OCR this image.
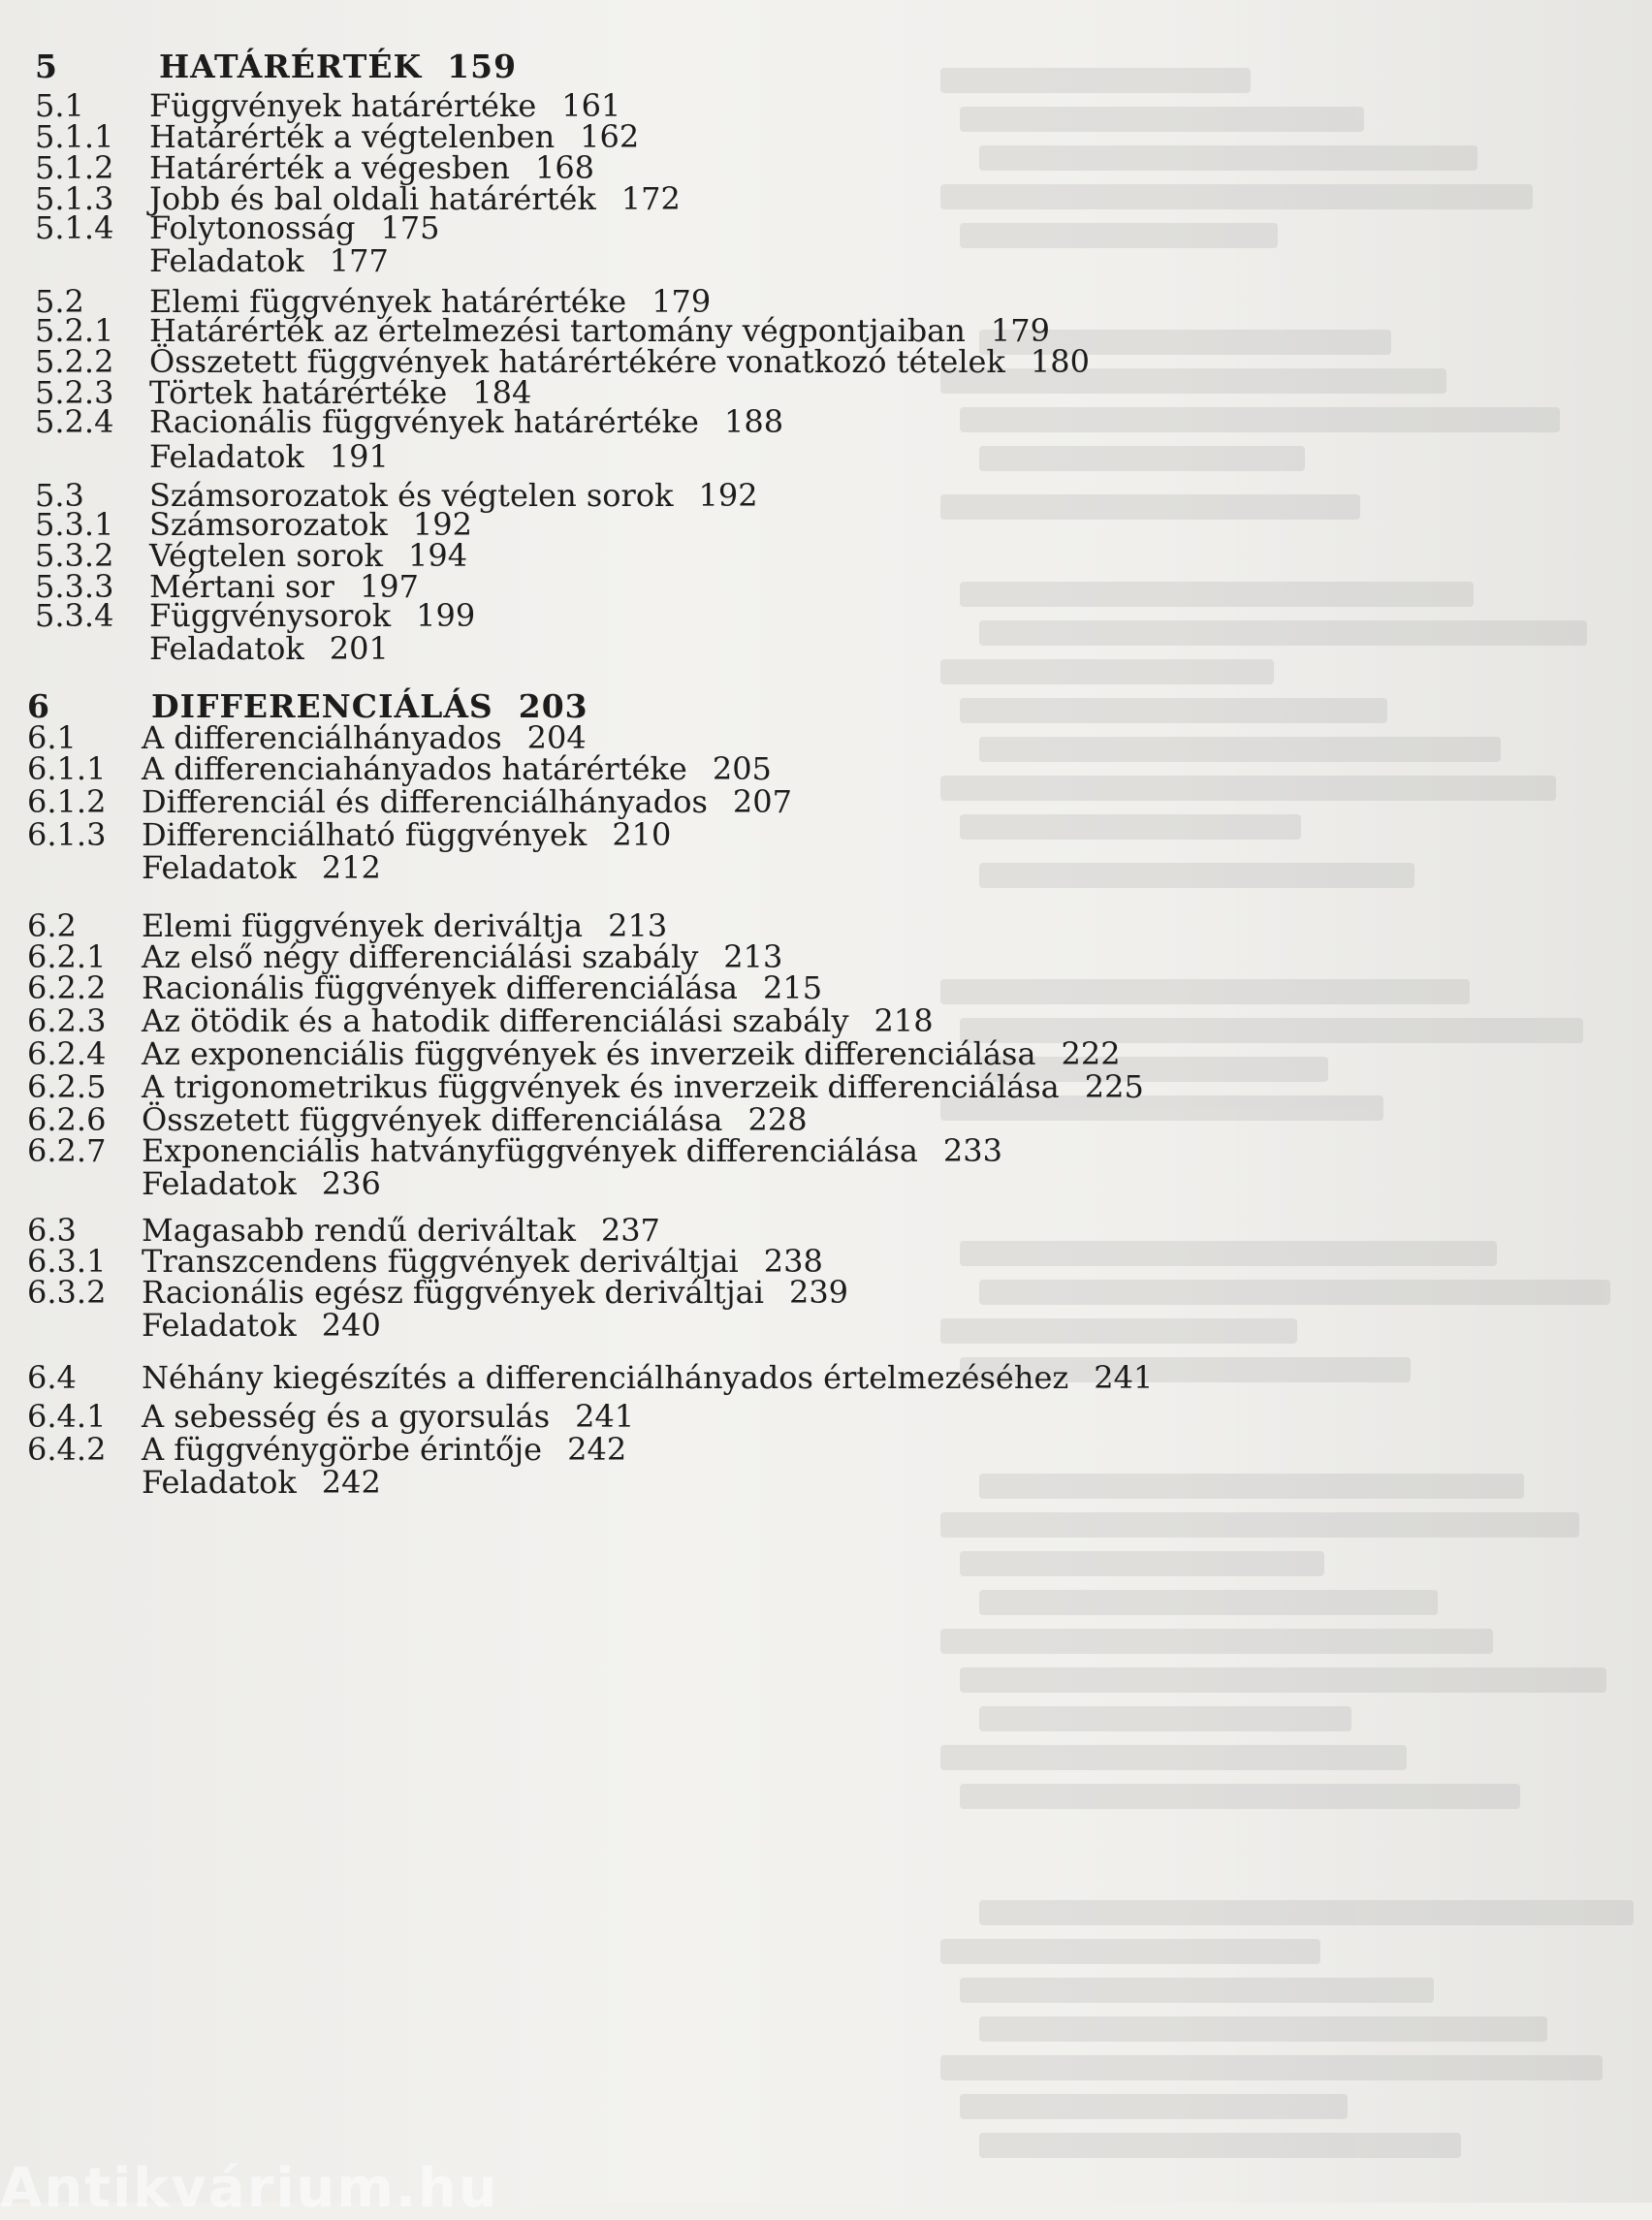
5	HATÁRÉRTÉK 159
5.1	Függvények határértéke 161
5.1.1	Határérték a végtelenben 162
5.1.2	Határérték a végesben 168
5.1.3	Jobb és bal oldali határérték 172
5.1.4	Folytonosság 175
Feladatok 177
5.2	Elemi függvények határértéke 179
5.2.1	Határérték az értelmezési tartomány végpontjaiban 179
5.2.2	Összetett függvények határértékére vonatkozó tételek 180
5.2.3	Törtek határértéke 184
5.2.4	Racionális függvények határértéke 188
Feladatok 191
5.3	Számsorozatok és végtelen sorok 192
5.3.1	Számsorozatok 192
5.3.2	Végtelen sorok 194
5.3.3	Mértani sor 197
5.3.4	Függvénysorok 199
Feladatok 201
6	DIFFERENCIÁLÁS 203
6.1	A differenciálhányados 204
6.1.1	A differenciahányados határértéke 205
6.1.2	Differenciál és differenciálhányados 207
6.1.3	Differenciálható függvények 210
Feladatok 212
6.2	Elemi függvények deriváltja 213
6.2.1	Az első négy differenciálási szabály 213
6.2.2	Racionális függvények differenciálása 215
6.2.3	Az ötödik és a hatodik differenciálási szabály 218
6.2.4	Az exponenciális függvények és inverzeik differenciálása 222
6.2.5	A trigonometrikus függvények és inverzeik differenciálása 225
6.2.6	Összetett függvények differenciálása 228
6.2.7	Exponenciális hatványfüggvények differenciálása 233
Feladatok 236
6.3	Magasabb rendű deriváltak 237
6.3.1	Transzcendens függvények deriváltjai 238
6.3.2	Racionális egész függvények deriváltjai 239
Feladatok 240
6.4	Néhány kiegészítés a differenciálhányados értelmezéséhez 241
6.4.1	A sebesség és a gyorsulás 241
6.4.2	A függvénygörbe érintője 242
Feladatok 242
Antikvárium.hu
